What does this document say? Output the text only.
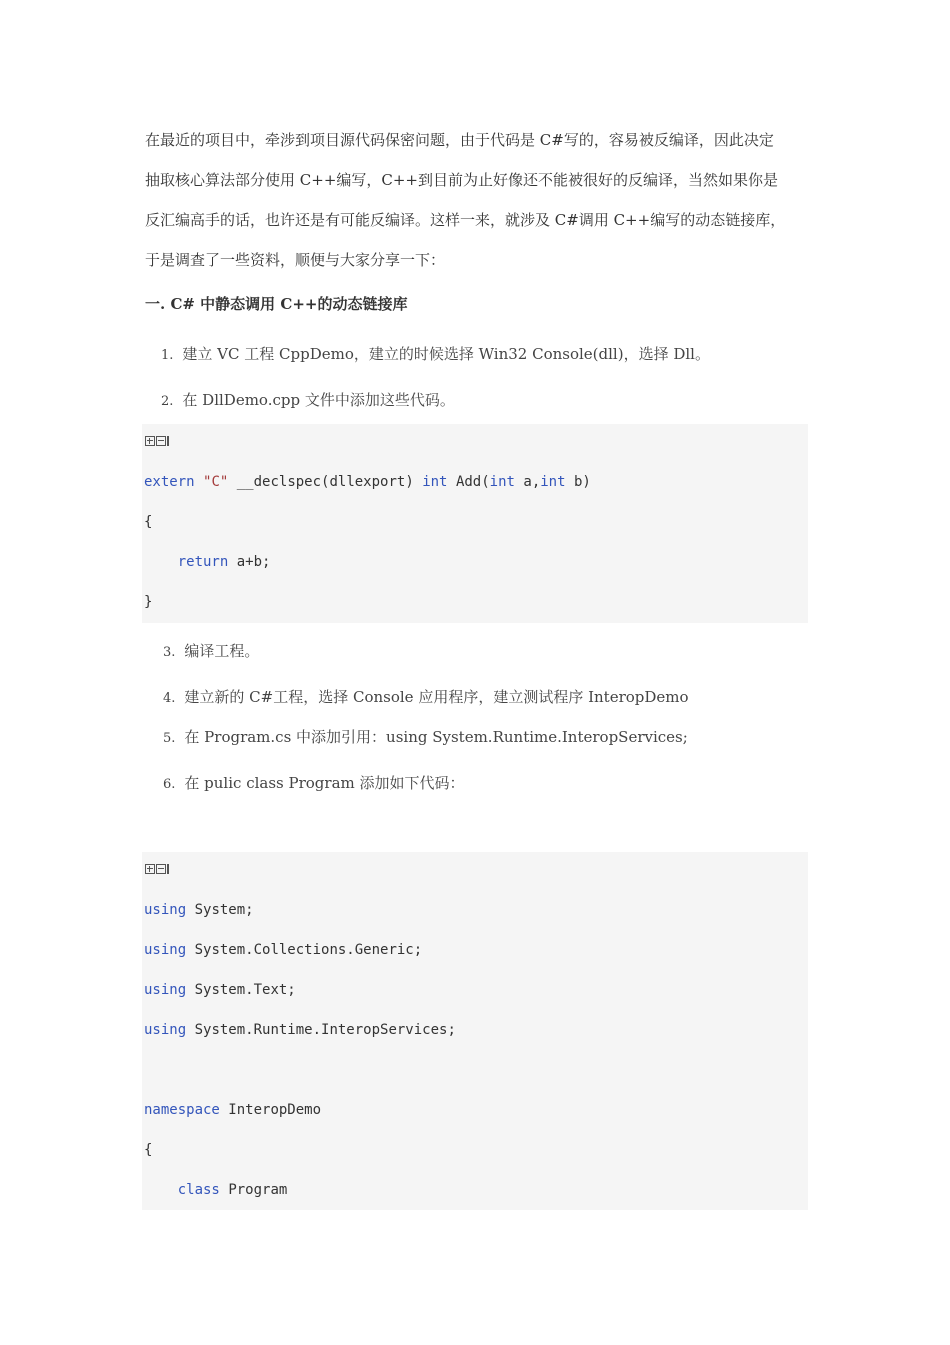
在最近的项目中，牵涉到项目源代码保密问题，由于代码是 C#写的，容易被反编译，因此决定
抽取核心算法部分使用 C++编写，C++到目前为止好像还不能被很好的反编译，当然如果你是
反汇编高手的话，也许还是有可能反编译。这样一来，就涉及 C#调用 C++编写的动态链接库，
于是调查了一些资料，顺便与大家分享一下：

一. C# 中静态调用 C++的动态链接库
1. 建立 VC 工程 CppDemo，建立的时候选择 Win32 Console(dll)，选择 Dll。
2. 在 DllDemo.cpp 文件中添加这些代码。
extern "C" __declspec(dllexport) int Add(int a,int b)
{
return a+b;
}
3. 编译工程。
4. 建立新的 C#工程，选择 Console 应用程序，建立测试程序 InteropDemo
5. 在 Program.cs 中添加引用：using System.Runtime.InteropServices;
6. 在 pulic class Program 添加如下代码：
using System;
using System.Collections.Generic;
using System.Text;
using System.Runtime.InteropServices;
namespace InteropDemo
{
class Program
